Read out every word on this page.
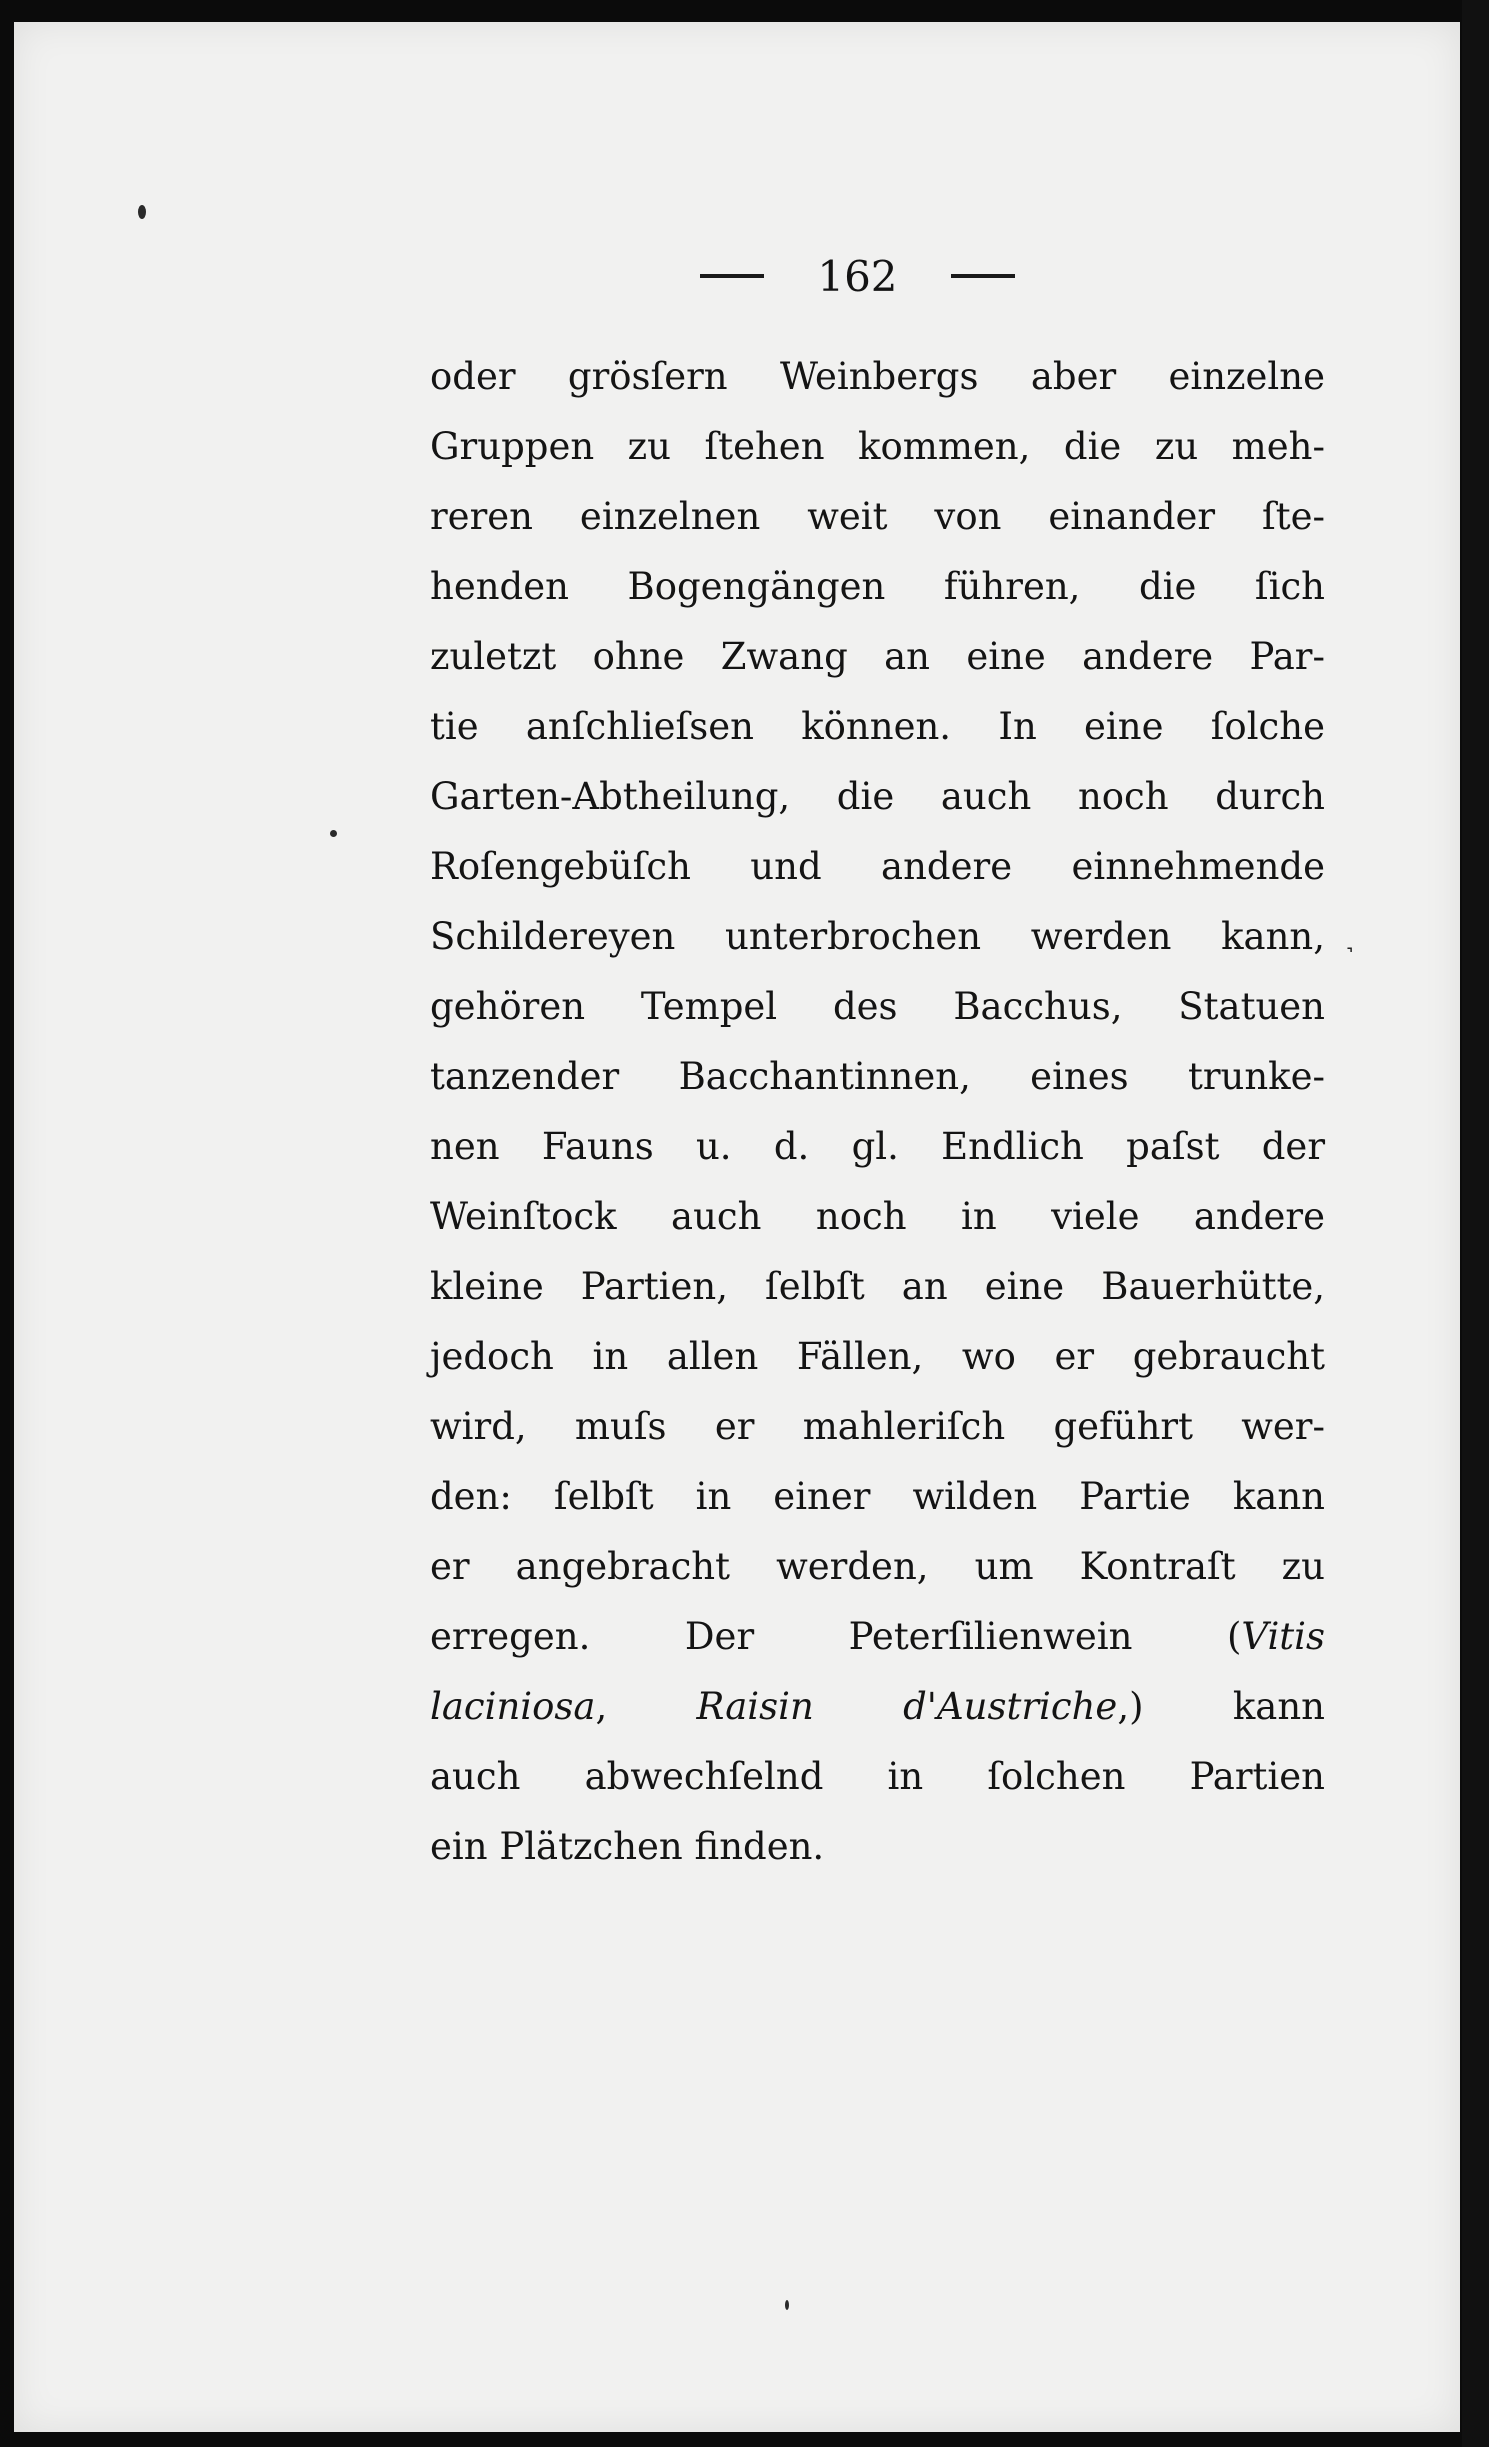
162
oder grösſern Weinbergs aber einzelne
Gruppen zu ſtehen kommen, die zu meh-
reren einzelnen weit von einander ſte-
henden Bogengängen führen, die ſich
zuletzt ohne Zwang an eine andere Par-
tie anſchlieſsen können. In eine ſolche
Garten-Abtheilung, die auch noch durch
Roſengebüſch und andere einnehmende
Schildereyen unterbrochen werden kann,
gehören Tempel des Bacchus, Statuen
tanzender Bacchantinnen, eines trunke-
nen Fauns u. d. gl. Endlich paſst der
Weinſtock auch noch in viele andere
kleine Partien, ſelbſt an eine Bauerhütte,
jedoch in allen Fällen, wo er gebraucht
wird, muſs er mahleriſch geführt wer-
den: ſelbſt in einer wilden Partie kann
er angebracht werden, um Kontraſt zu
erregen. Der Peterſilienwein (Vitis
laciniosa, Raisin d'Austriche,) kann
auch abwechſelnd in ſolchen Partien
ein Plätzchen finden.
˺
